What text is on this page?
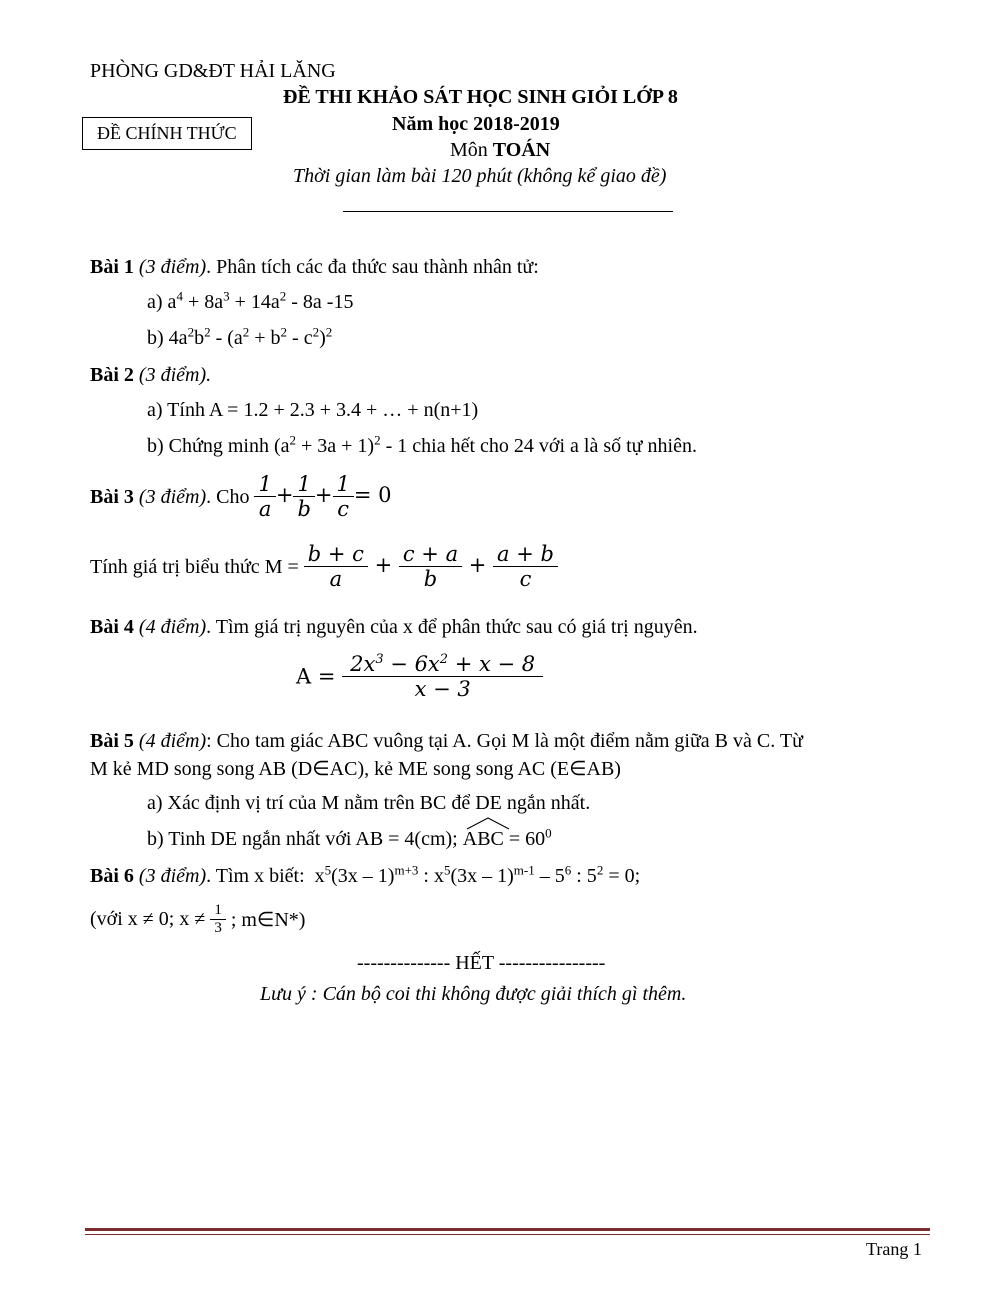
PHÒNG GD&ĐT HẢI LĂNG
ĐỀ THI KHẢO SÁT HỌC SINH GIỎI LỚP 8
ĐỀ CHÍNH THỨC	Năm học 2018-2019
Môn TOÁN
Thời gian làm bài 120 phút (không kể giao đề)
Bài 1 (3 điểm). Phân tích các đa thức sau thành nhân tử:
a) $a^4 + 8a^3 + 14a^2 - 8a$ -15
b) $4a^2b^2 - (a^2 + b^2 - c^2)^2$
Bài 2 (3 điểm).
a) Tính A = 1.2 + 2.3 + 3.4 + … + n(n+1)
b) Chứng minh $(a^2 + 3a + 1)^2 - 1$ chia hết cho 24 với a là số tự nhiên.
Bài 3 (3 điểm). Cho $\frac{1}{a} + \frac{1}{b} + \frac{1}{c} = 0$
Tính giá trị biểu thức $M = \frac{b + c}{a} + \frac{c + a}{b} + \frac{a + b}{c}$
Bài 4 (4 điểm). Tìm giá trị nguyên của x để phân thức sau có giá trị nguyên.
$A = \frac{2x^3 - 6x^2 + x - 8}{x - 3}$
Bài 5 (4 điểm): Cho tam giác ABC vuông tại A. Gọi M là một điểm nằm giữa B và C. Từ
M kẻ MD song song AB (D∈AC), kẻ ME song song AC (E∈AB)
a) Xác định vị trí của M nằm trên BC để DE ngắn nhất.
b) Tinh DE ngắn nhất với AB = 4(cm); ABC = $60^0$
Bài 6 (3 điểm). Tìm x biết:  $x^5(3x - 1)^{m+3}$ : $x^5(3x - 1)^{m-1} - 5^6$ : $5^2 = 0$;
(với x ≠ 0; $x \ne \frac{1}{3}$ ; m∈N*)
-------------- HẾT ----------------
Lưu ý : Cán bộ coi thi không được giải thích gì thêm.
Trang 1
